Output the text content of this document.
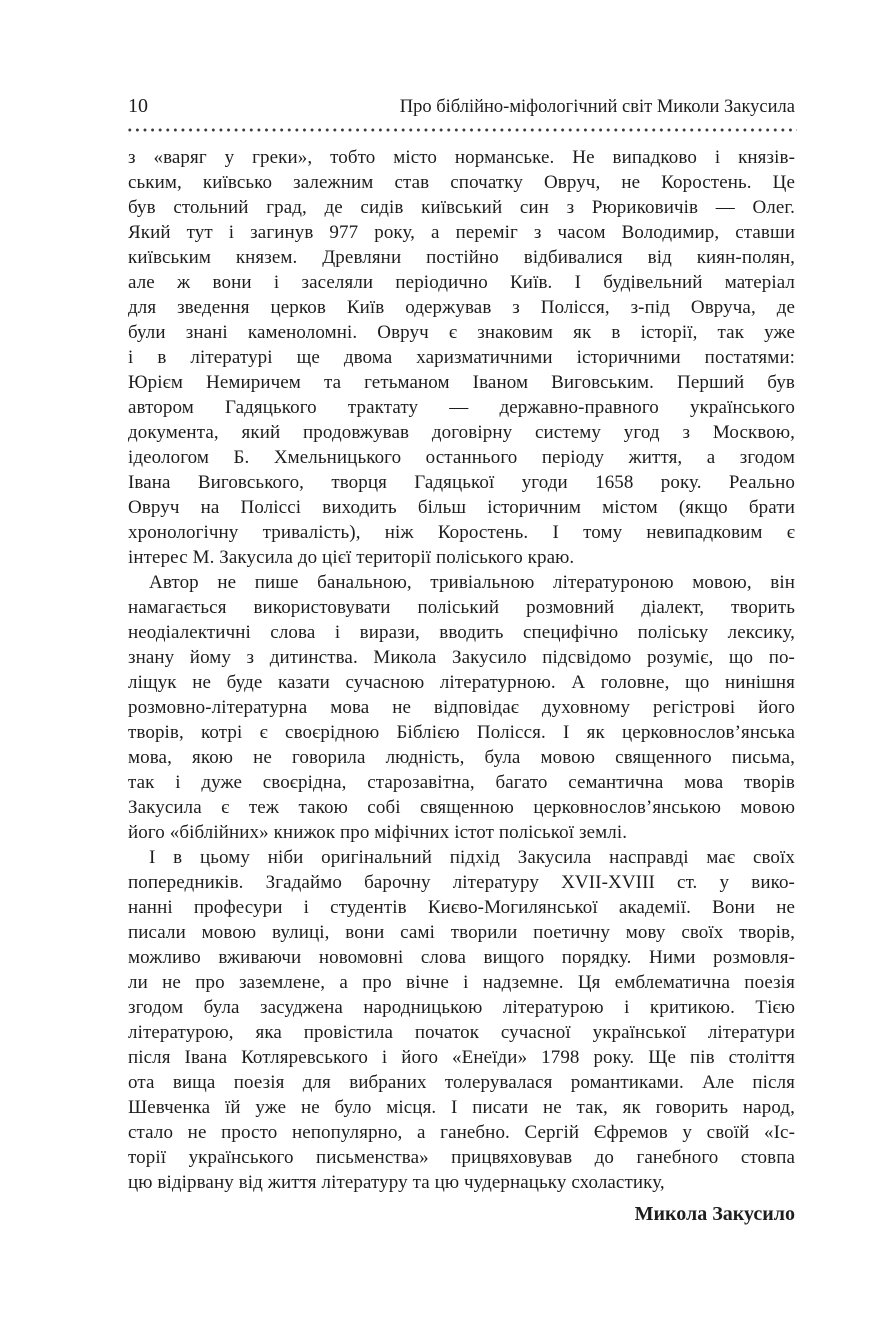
10	Про біблійно-міфологічний світ Миколи Закусила

з «варяг у греки», тобто місто норманське. Не випадково і князів-
ським, київсько залежним став спочатку Овруч, не Коростень. Це
був стольний град, де сидів київський син з Рюриковичів — Олег.
Який тут і загинув 977 року, а переміг з часом Володимир, ставши
київським князем. Древляни постійно відбивалися від киян-полян,
але ж вони і заселяли періодично Київ. І будівельний матеріал
для зведення церков Київ одержував з Полісся, з-під Овруча, де
були знані каменоломні. Овруч є знаковим як в історії, так уже
і в літературі ще двома харизматичними історичними постатями:
Юрієм Немиричем та гетьманом Іваном Виговським. Перший був
автором Гадяцького трактату — державно-правного українського
документа, який продовжував договірну систему угод з Москвою,
ідеологом Б. Хмельницького останнього періоду життя, а згодом
Івана Виговського, творця Гадяцької угоди 1658 року. Реально
Овруч на Поліссі виходить більш історичним містом (якщо брати
хронологічну тривалість), ніж Коростень. І тому невипадковим є
інтерес М. Закусила до цієї території поліського краю.

Автор не пише банальною, тривіальною літературоною мовою, він
намагається використовувати поліський розмовний діалект, творить
неодіалектичні слова і вирази, вводить специфічно поліську лексику,
знану йому з дитинства. Микола Закусило підсвідомо розуміє, що по-
ліщук не буде казати сучасною літературною. А головне, що нинішня
розмовно-літературна мова не відповідає духовному регістрові його
творів, котрі є своєрідною Біблією Полісся. І як церковнослов’янська
мова, якою не говорила людність, була мовою священного письма,
так і дуже своєрідна, старозавітна, багато семантична мова творів
Закусила є теж такою собі священною церковнослов’янською мовою
його «біблійних» книжок про міфічних істот поліської землі.

І в цьому ніби оригінальний підхід Закусила насправді має своїх
попередників. Згадаймо барочну літературу XVII-XVIII ст. у вико-
нанні професури і студентів Києво-Могилянської академії. Вони не
писали мовою вулиці, вони самі творили поетичну мову своїх творів,
можливо вживаючи новомовні слова вищого порядку. Ними розмовля-
ли не про заземлене, а про вічне і надземне. Ця емблематична поезія
згодом була засуджена народницькою літературою і критикою. Тією
літературою, яка провістила початок сучасної української літератури
після Івана Котляревського і його «Енеїди» 1798 року. Ще пів століття
ота вища поезія для вибраних толерувалася романтиками. Але після
Шевченка їй уже не було місця. І писати не так, як говорить народ,
стало не просто непопулярно, а ганебно. Сергій Єфремов у своїй «Іс-
торії українського письменства» прицвяховував до ганебного стовпа
цю відірвану від життя літературу та цю чудернацьку схоластику,

Микола Закусило
